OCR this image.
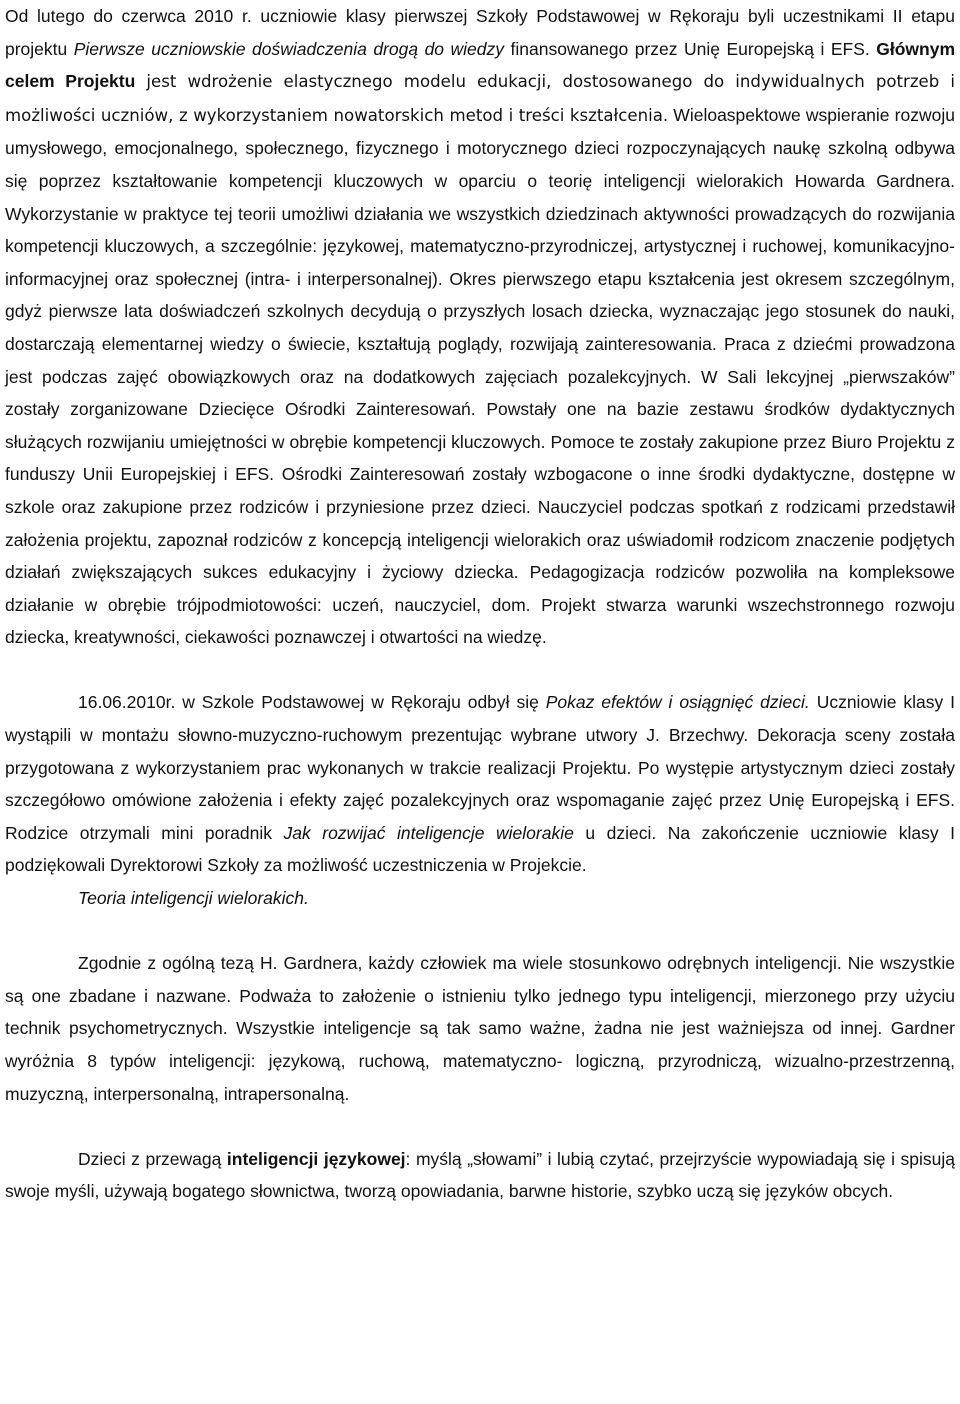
Od lutego do czerwca 2010 r. uczniowie klasy pierwszej Szkoły Podstawowej w Rękoraju byli uczestnikami II etapu projektu Pierwsze uczniowskie doświadczenia drogą do wiedzy finansowanego przez Unię Europejską i EFS. Głównym celem Projektu jest wdrożenie elastycznego modelu edukacji, dostosowanego do indywidualnych potrzeb i możliwości uczniów, z wykorzystaniem nowatorskich metod i treści kształcenia. Wieloaspektowe wspieranie rozwoju umysłowego, emocjonalnego, społecznego, fizycznego i motorycznego dzieci rozpoczynających naukę szkolną odbywa się poprzez kształtowanie kompetencji kluczowych w oparciu o teorię inteligencji wielorakich Howarda Gardnera. Wykorzystanie w praktyce tej teorii umożliwi działania we wszystkich dziedzinach aktywności prowadzących do rozwijania kompetencji kluczowych, a szczególnie: językowej, matematyczno-przyrodniczej, artystycznej i ruchowej, komunikacyjno-informacyjnej oraz społecznej (intra- i interpersonalnej). Okres pierwszego etapu kształcenia jest okresem szczególnym, gdyż pierwsze lata doświadczeń szkolnych decydują o przyszłych losach dziecka, wyznaczając jego stosunek do nauki, dostarczają elementarnej wiedzy o świecie, kształtują poglądy, rozwijają zainteresowania. Praca z dziećmi prowadzona jest podczas zajęć obowiązkowych oraz na dodatkowych zajęciach pozalekcyjnych. W Sali lekcyjnej „pierwszaków” zostały zorganizowane Dziecięce Ośrodki Zainteresowań. Powstały one na bazie zestawu środków dydaktycznych służących rozwijaniu umiejętności w obrębie kompetencji kluczowych. Pomoce te zostały zakupione przez Biuro Projektu z funduszy Unii Europejskiej i EFS. Ośrodki Zainteresowań zostały wzbogacone o inne środki dydaktyczne, dostępne w szkole oraz zakupione przez rodziców i przyniesione przez dzieci. Nauczyciel podczas spotkań z rodzicami przedstawił założenia projektu, zapoznał rodziców z koncepcją inteligencji wielorakich oraz uświadomił rodzicom znaczenie podjętych działań zwiększających sukces edukacyjny i życiowy dziecka. Pedagogizacja rodziców pozwoliła na kompleksowe działanie w obrębie trójpodmiotowości: uczeń, nauczyciel, dom. Projekt stwarza warunki wszechstronnego rozwoju dziecka, kreatywności, ciekawości poznawczej i otwartości na wiedzę.

16.06.2010r. w Szkole Podstawowej w Rękoraju odbył się Pokaz efektów i osiągnięć dzieci. Uczniowie klasy I wystąpili w montażu słowno-muzyczno-ruchowym prezentując wybrane utwory J. Brzechwy. Dekoracja sceny została przygotowana z wykorzystaniem prac wykonanych w trakcie realizacji Projektu. Po występie artystycznym dzieci zostały szczegółowo omówione założenia i efekty zajęć pozalekcyjnych oraz wspomaganie zajęć przez Unię Europejską i EFS. Rodzice otrzymali mini poradnik Jak rozwijać inteligencje wielorakie u dzieci. Na zakończenie uczniowie klasy I podziękowali Dyrektorowi Szkoły za możliwość uczestniczenia w Projekcie.

Teoria inteligencji wielorakich.

Zgodnie z ogólną tezą H. Gardnera, każdy człowiek ma wiele stosunkowo odrębnych inteligencji. Nie wszystkie są one zbadane i nazwane. Podważa to założenie o istnieniu tylko jednego typu inteligencji, mierzonego przy użyciu technik psychometrycznych. Wszystkie inteligencje są tak samo ważne, żadna nie jest ważniejsza od innej. Gardner wyróżnia 8 typów inteligencji: językową, ruchową, matematyczno- logiczną, przyrodniczą, wizualno-przestrzenną, muzyczną, interpersonalną, intrapersonalną.

Dzieci z przewagą inteligencji językowej: myślą „słowami” i lubią czytać, przejrzyście wypowiadają się i spisują swoje myśli, używają bogatego słownictwa, tworzą opowiadania, barwne historie, szybko uczą się języków obcych.
